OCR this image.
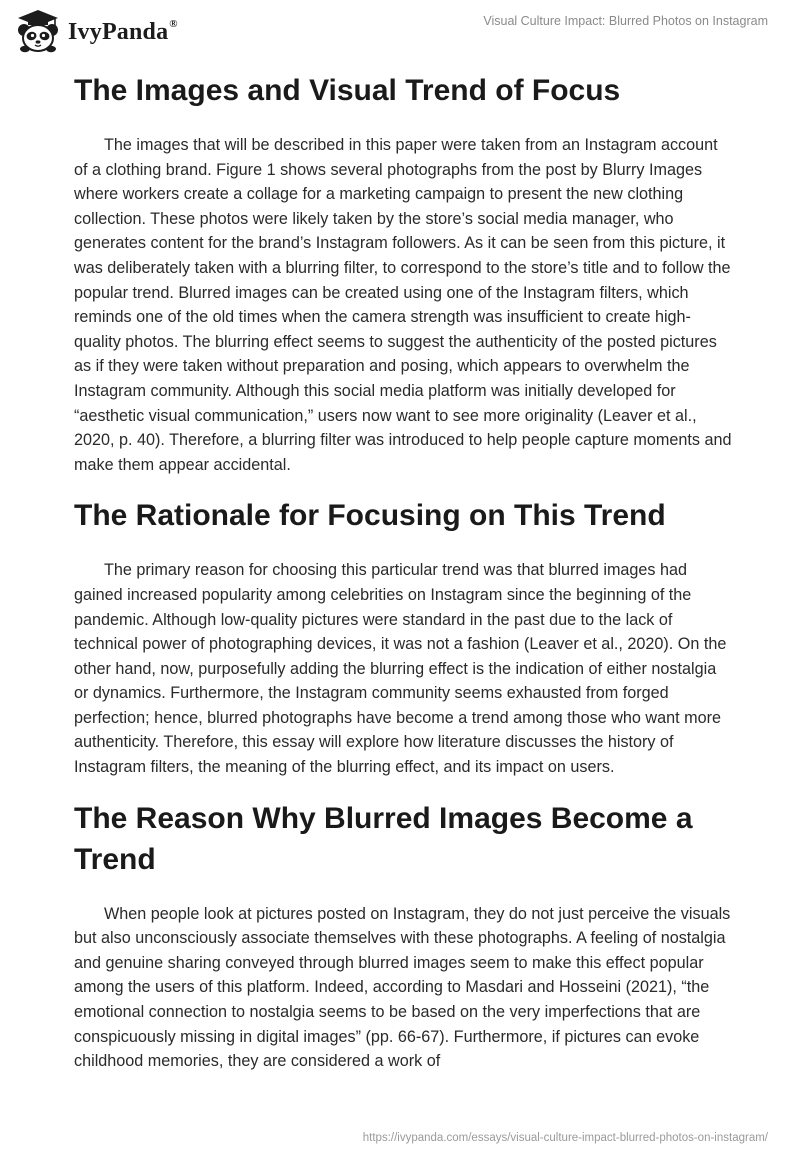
IvyPanda®	Visual Culture Impact: Blurred Photos on Instagram
The Images and Visual Trend of Focus

The images that will be described in this paper were taken from an Instagram account of a clothing brand. Figure 1 shows several photographs from the post by Blurry Images where workers create a collage for a marketing campaign to present the new clothing collection. These photos were likely taken by the store’s social media manager, who generates content for the brand’s Instagram followers. As it can be seen from this picture, it was deliberately taken with a blurring filter, to correspond to the store’s title and to follow the popular trend. Blurred images can be created using one of the Instagram filters, which reminds one of the old times when the camera strength was insufficient to create high-quality photos. The blurring effect seems to suggest the authenticity of the posted pictures as if they were taken without preparation and posing, which appears to overwhelm the Instagram community. Although this social media platform was initially developed for “aesthetic visual communication,” users now want to see more originality (Leaver et al., 2020, p. 40). Therefore, a blurring filter was introduced to help people capture moments and make them appear accidental.

The Rationale for Focusing on This Trend

The primary reason for choosing this particular trend was that blurred images had gained increased popularity among celebrities on Instagram since the beginning of the pandemic. Although low-quality pictures were standard in the past due to the lack of technical power of photographing devices, it was not a fashion (Leaver et al., 2020). On the other hand, now, purposefully adding the blurring effect is the indication of either nostalgia or dynamics. Furthermore, the Instagram community seems exhausted from forged perfection; hence, blurred photographs have become a trend among those who want more authenticity. Therefore, this essay will explore how literature discusses the history of Instagram filters, the meaning of the blurring effect, and its impact on users.

The Reason Why Blurred Images Become a Trend

When people look at pictures posted on Instagram, they do not just perceive the visuals but also unconsciously associate themselves with these photographs. A feeling of nostalgia and genuine sharing conveyed through blurred images seem to make this effect popular among the users of this platform. Indeed, according to Masdari and Hosseini (2021), “the emotional connection to nostalgia seems to be based on the very imperfections that are conspicuously missing in digital images” (pp. 66-67). Furthermore, if pictures can evoke childhood memories, they are considered a work of

https://ivypanda.com/essays/visual-culture-impact-blurred-photos-on-instagram/
